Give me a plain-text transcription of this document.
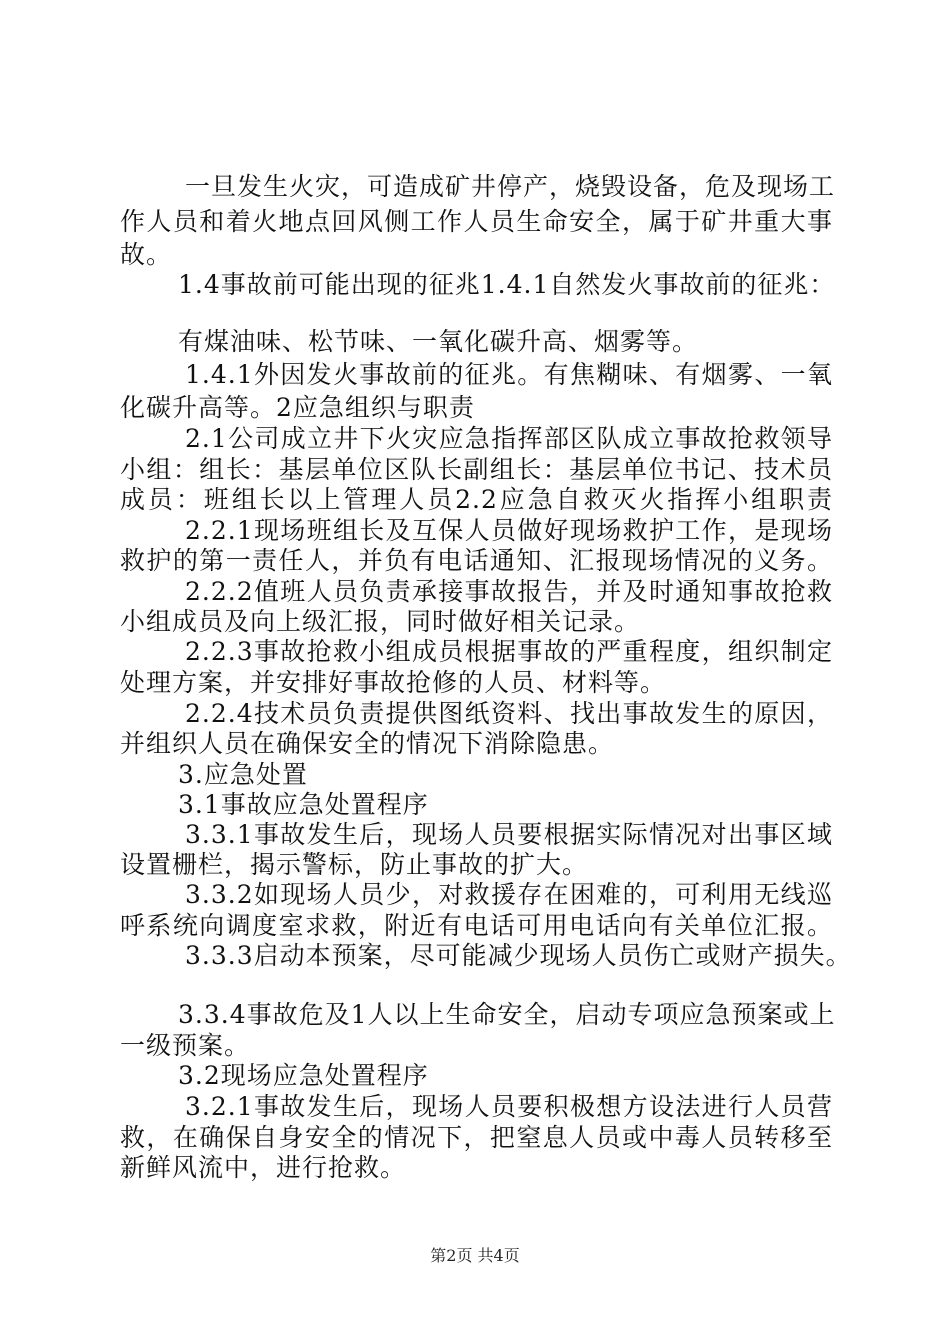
一旦发生火灾，可造成矿井停产，烧毁设备，危及现场工
作人员和着火地点回风侧工作人员生命安全，属于矿井重大事
故。
1.4事故前可能出现的征兆1.4.1自然发火事故前的征兆：
有煤油味、松节味、一氧化碳升高、烟雾等。
1.4.1外因发火事故前的征兆。有焦糊味、有烟雾、一氧
化碳升高等。2应急组织与职责
2.1公司成立井下火灾应急指挥部区队成立事故抢救领导
小组：组长：基层单位区队长副组长：基层单位书记、技术员
成员：班组长以上管理人员2.2应急自救灭火指挥小组职责
2.2.1现场班组长及互保人员做好现场救护工作，是现场
救护的第一责任人，并负有电话通知、汇报现场情况的义务。
2.2.2值班人员负责承接事故报告，并及时通知事故抢救
小组成员及向上级汇报，同时做好相关记录。
2.2.3事故抢救小组成员根据事故的严重程度，组织制定
处理方案，并安排好事故抢修的人员、材料等。
2.2.4技术员负责提供图纸资料、找出事故发生的原因，
并组织人员在确保安全的情况下消除隐患。
3.应急处置
3.1事故应急处置程序
3.3.1事故发生后，现场人员要根据实际情况对出事区域
设置栅栏，揭示警标，防止事故的扩大。
3.3.2如现场人员少，对救援存在困难的，可利用无线巡
呼系统向调度室求救，附近有电话可用电话向有关单位汇报。
3.3.3启动本预案，尽可能减少现场人员伤亡或财产损失。
3.3.4事故危及1人以上生命安全，启动专项应急预案或上
一级预案。
3.2现场应急处置程序
3.2.1事故发生后，现场人员要积极想方设法进行人员营
救，在确保自身安全的情况下，把窒息人员或中毒人员转移至
新鲜风流中，进行抢救。
第2页 共4页
